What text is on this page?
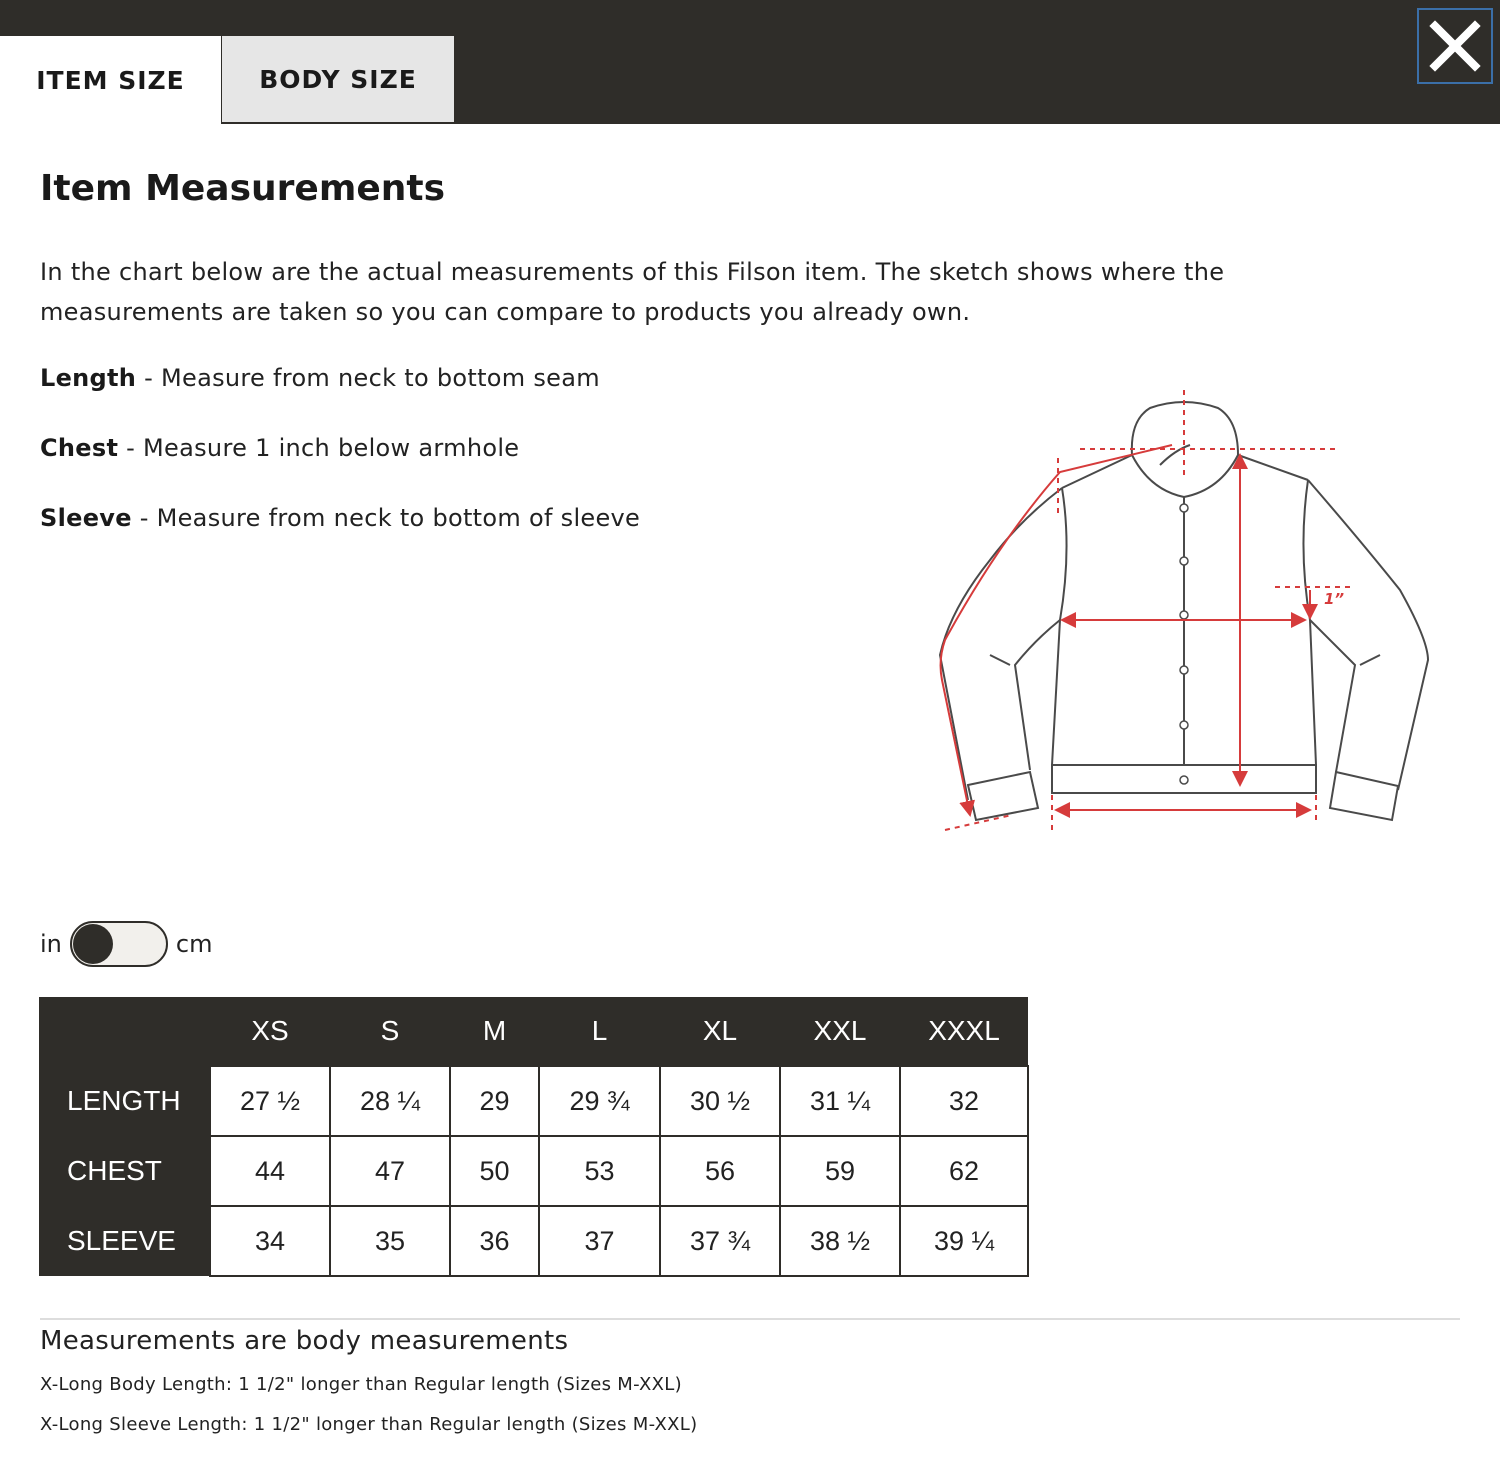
ITEM SIZE	BODY SIZE
Item Measurements

In the chart below are the actual measurements of this Filson item. The sketch shows where the measurements are taken so you can compare to products you already own.

Length - Measure from neck to bottom seam
Chest - Measure 1 inch below armhole
Sleeve - Measure from neck to bottom of sleeve
1”
in	cm
	XS	S	M	L	XL	XXL	XXXL
LENGTH	27 ½	28 ¼	29	29 ¾	30 ½	31 ¼	32
CHEST	44	47	50	53	56	59	62
SLEEVE	34	35	36	37	37 ¾	38 ½	39 ¼
Measurements are body measurements
X-Long Body Length: 1 1/2" longer than Regular length (Sizes M-XXL)
X-Long Sleeve Length: 1 1/2" longer than Regular length (Sizes M-XXL)
